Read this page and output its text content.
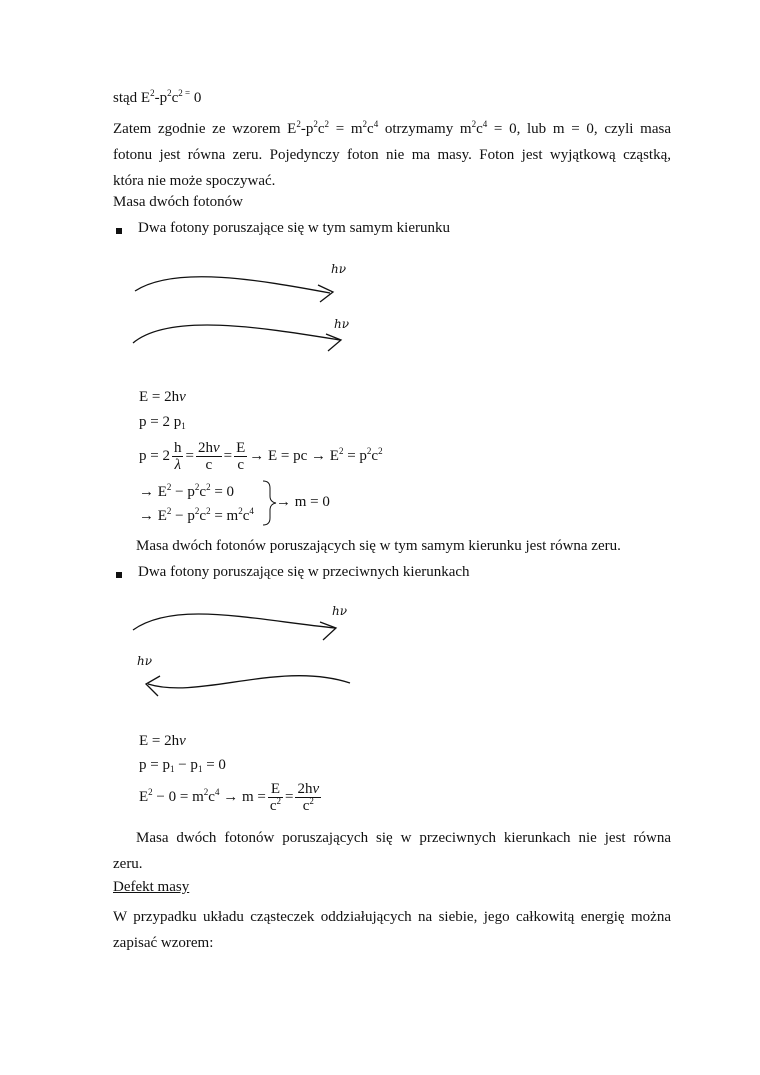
stąd $E^2-p^2c^{2 =}$ 0
Zatem zgodnie ze wzorem $E^2-p^2c^2 = m^2c^4$ otrzymamy $m^2c^4 = 0$, lub m = 0, czyli masa
fotonu jest równa zeru. Pojedynczy foton nie ma masy. Foton jest wyjątkową cząstką,
która nie może spoczywać.
Masa dwóch fotonów
Dwa fotony poruszające się w tym samym kierunku
hν
hν
hν
hν
E = 2hν
p = 2 $p_1$
$p = 2 \frac{h}{\lambda} = \frac{2h\nu}{c} = \frac{E}{c} \to E$ = pc → $E^2 = p^2c^2$
→ $E^2 - p^2c^2 = 0$
→ $E^2 - p^2c^2 = m^2c^4$
→ m = 0
Masa dwóch fotonów poruszających się w tym samym kierunku jest równa zeru.
Dwa fotony poruszające się w przeciwnych kierunkach
E = 2hν
$p = p_1 - p_1 = 0$
$E^2 - 0 = m^2c^4 \to m = \frac{E}{c^2} = \frac{2h\nu}{c^2}$
Masa dwóch fotonów poruszających się w przeciwnych kierunkach nie jest równa
zeru.
Defekt masy
W przypadku układu cząsteczek oddziałujących na siebie, jego całkowitą energię można
zapisać wzorem:
